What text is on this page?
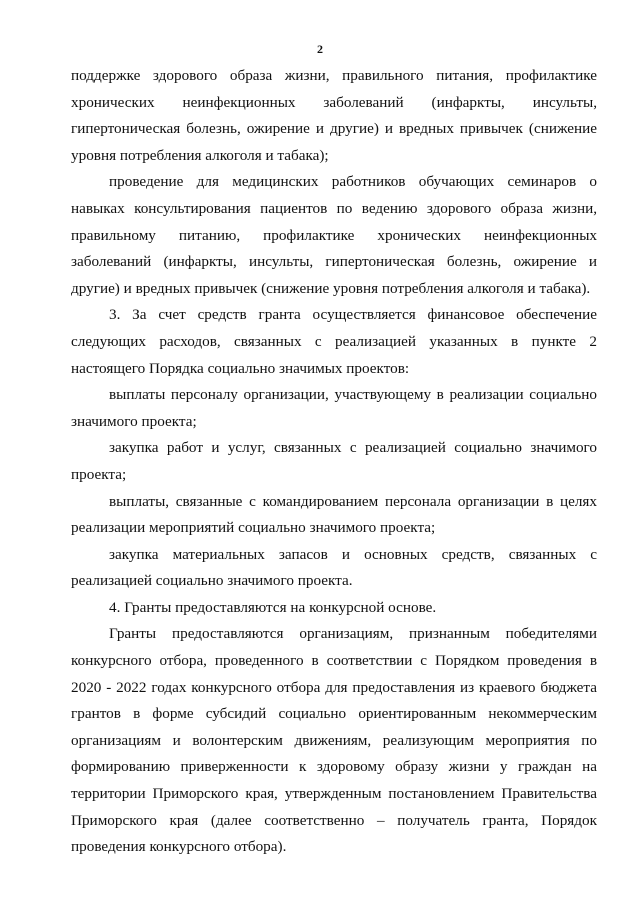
2

поддержке здорового образа жизни, правильного питания, профилактике хронических неинфекционных заболеваний (инфаркты, инсульты, гипертоническая болезнь, ожирение и другие) и вредных привычек (снижение уровня потребления алкоголя и табака);

проведение для медицинских работников обучающих семинаров о навыках консультирования пациентов по ведению здорового образа жизни, правильному питанию, профилактике хронических неинфекционных заболеваний (инфаркты, инсульты, гипертоническая болезнь, ожирение и другие) и вредных привычек (снижение уровня потребления алкоголя и табака).

3. За счет средств гранта осуществляется финансовое обеспечение следующих расходов, связанных с реализацией указанных в пункте 2 настоящего Порядка социально значимых проектов:

выплаты персоналу организации, участвующему в реализации социально значимого проекта;

закупка работ и услуг, связанных с реализацией социально значимого проекта;

выплаты, связанные с командированием персонала организации в целях реализации мероприятий социально значимого проекта;

закупка материальных запасов и основных средств, связанных с реализацией социально значимого проекта.

4. Гранты предоставляются на конкурсной основе.

Гранты предоставляются организациям, признанным победителями конкурсного отбора, проведенного в соответствии с Порядком проведения в 2020 - 2022 годах конкурсного отбора для предоставления из краевого бюджета грантов в форме субсидий социально ориентированным некоммерческим организациям и волонтерским движениям, реализующим мероприятия по формированию приверженности к здоровому образу жизни у граждан на территории Приморского края, утвержденным постановлением Правительства Приморского края (далее соответственно – получатель гранта, Порядок проведения конкурсного отбора).
